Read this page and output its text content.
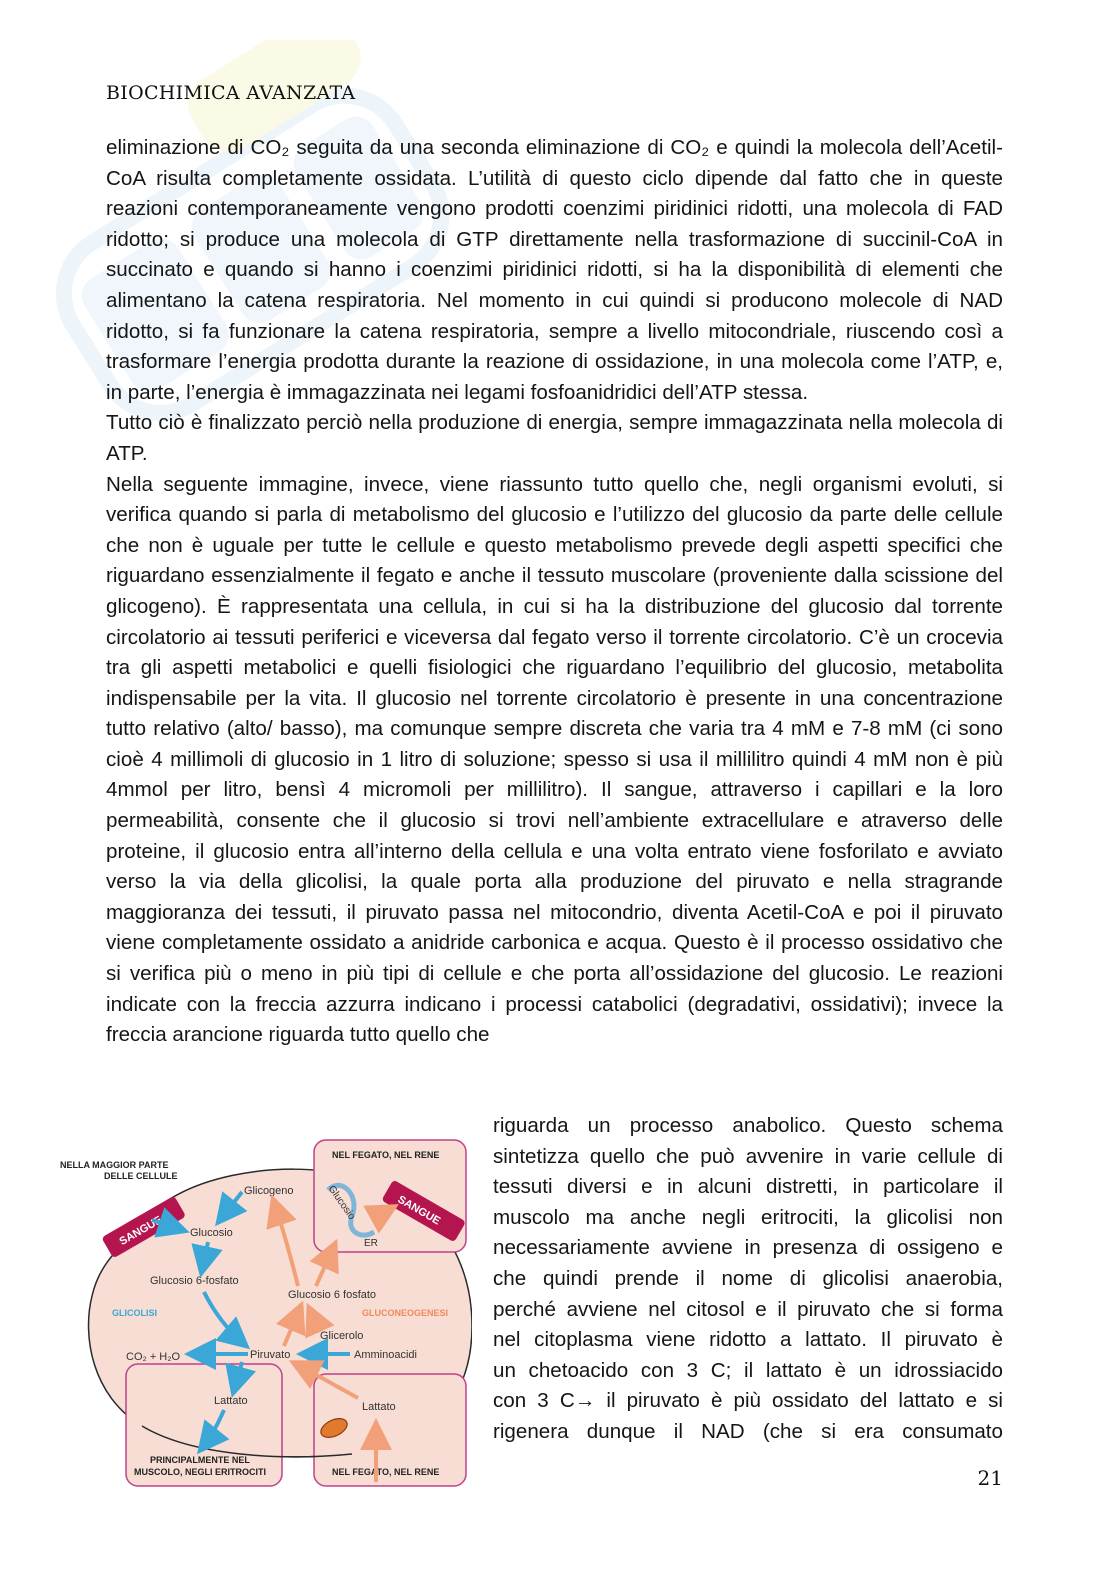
BIOCHIMICA AVANZATA

eliminazione di CO₂ seguita da una seconda eliminazione di CO₂ e quindi la molecola dell’Acetil-CoA risulta completamente ossidata. L’utilità di questo ciclo dipende dal fatto che in queste reazioni contemporaneamente vengono prodotti coenzimi piridinici ridotti, una molecola di FAD ridotto; si produce una molecola di GTP direttamente nella trasformazione di succinil-CoA in succinato e quando si hanno i coenzimi piridinici ridotti, si ha la disponibilità di elementi che alimentano la catena respiratoria. Nel momento in cui quindi si producono molecole di NAD ridotto, si fa funzionare la catena respiratoria, sempre a livello mitocondriale, riuscendo così a trasformare l’energia prodotta durante la reazione di ossidazione, in una molecola come l’ATP, e, in parte, l’energia è immagazzinata nei legami fosfoanidridici dell’ATP stessa.

Tutto ciò è finalizzato perciò nella produzione di energia, sempre immagazzinata nella molecola di ATP.

Nella seguente immagine, invece, viene riassunto tutto quello che, negli organismi evoluti, si verifica quando si parla di metabolismo del glucosio e l’utilizzo del glucosio da parte delle cellule che non è uguale per tutte le cellule e questo metabolismo prevede degli aspetti specifici che riguardano essenzialmente il fegato e anche il tessuto muscolare (proveniente dalla scissione del glicogeno). È rappresentata una cellula, in cui si ha la distribuzione del glucosio dal torrente circolatorio ai tessuti periferici e viceversa dal fegato verso il torrente circolatorio. C’è un crocevia tra gli aspetti metabolici e quelli fisiologici che riguardano l’equilibrio del glucosio, metabolita indispensabile per la vita. Il glucosio nel torrente circolatorio è presente in una concentrazione tutto relativo (alto/ basso), ma comunque sempre discreta che varia tra 4 mM e 7-8 mM (ci sono cioè 4 millimoli di glucosio in 1 litro di soluzione; spesso si usa il millilitro quindi 4 mM non è più 4mmol per litro, bensì 4 micromoli per millilitro). Il sangue, attraverso i capillari e la loro permeabilità, consente che il glucosio si trovi nell’ambiente extracellulare e atraverso delle proteine, il glucosio entra all’interno della cellula e una volta entrato viene fosforilato e avviato verso la via della glicolisi, la quale porta alla produzione del piruvato e nella stragrande maggioranza dei tessuti, il piruvato passa nel mitocondrio, diventa Acetil-CoA e poi il piruvato viene completamente ossidato a anidride carbonica e acqua. Questo è il processo ossidativo che si verifica più o meno in più tipi di cellule e che porta all’ossidazione del glucosio. Le reazioni indicate con la freccia azzurra indicano i processi catabolici (degradativi, ossidativi); invece la freccia arancione riguarda tutto quello che

riguarda un processo anabolico. Questo schema
sintetizza quello che può avvenire in varie cellule di
tessuti diversi e in alcuni distretti, in particolare il
muscolo ma anche negli eritrociti, la glicolisi non
necessariamente avviene in presenza di ossigeno e
che quindi prende il nome di glicolisi anaerobia,
perché avviene nel citosol e il piruvato che si forma
nel citoplasma viene ridotto a lattato. Il piruvato è
un chetoacido con 3 C; il lattato è un idrossiacido
con 3 C→ il piruvato è più ossidato del lattato e si
rigenera dunque il NAD (che si era consumato
NELLA MAGGIOR PARTE
DELLE CELLULE
NEL FEGATO, NEL RENE
NEL FEGATO, NEL RENE
PRINCIPALMENTE NEL
MUSCOLO, NEGLI ERITROCITI
SANGUE
SANGUE
Glucosio
ER
Glicogeno
Glucosio
Glucosio 6-fosfato
Glucosio 6 fosfato
GLICOLISI	GLUCONEOGENESI
Glicerolo
CO₂ + H₂O	Piruvato	Amminoacidi
Lattato	Lattato
21
